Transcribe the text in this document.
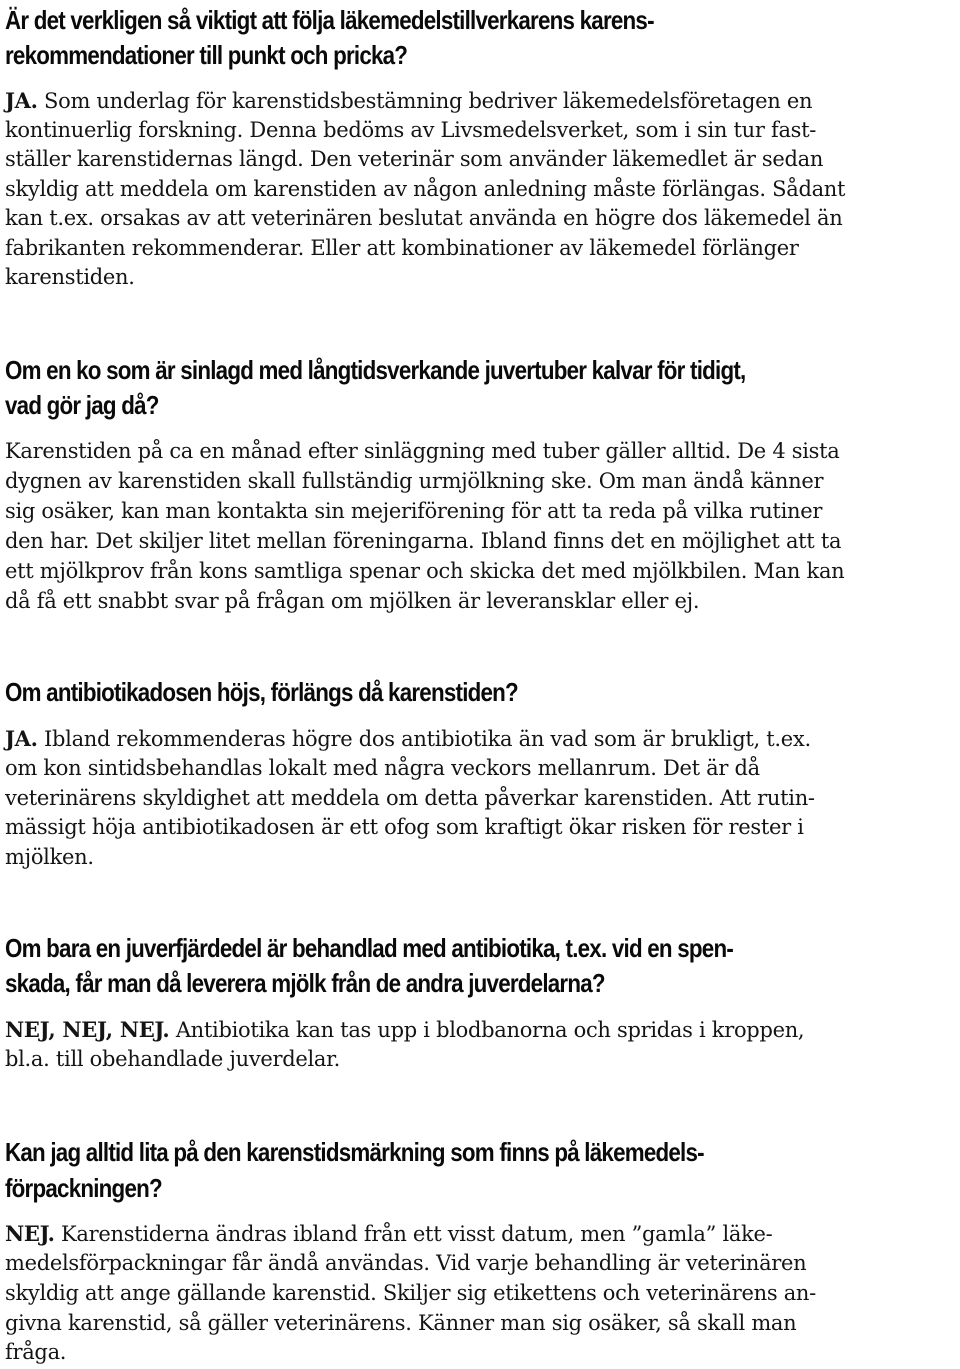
Är det verkligen så viktigt att följa läkemedelstillverkarens karens-
rekommendationer till punkt och pricka?
JA. Som underlag för karenstidsbestämning bedriver läkemedelsföretagen en
kontinuerlig forskning. Denna bedöms av Livsmedelsverket, som i sin tur fast-
ställer karenstidernas längd. Den veterinär som använder läkemedlet är sedan
skyldig att meddela om karenstiden av någon anledning måste förlängas. Sådant
kan t.ex. orsakas av att veterinären beslutat använda en högre dos läkemedel än
fabrikanten rekommenderar. Eller att kombinationer av läkemedel förlänger
karenstiden.
Om en ko som är sinlagd med långtidsverkande juvertuber kalvar för tidigt,
vad gör jag då?
Karenstiden på ca en månad efter sinläggning med tuber gäller alltid. De 4 sista
dygnen av karenstiden skall fullständig urmjölkning ske. Om man ändå känner
sig osäker, kan man kontakta sin mejeriförening för att ta reda på vilka rutiner
den har. Det skiljer litet mellan föreningarna. Ibland finns det en möjlighet att ta
ett mjölkprov från kons samtliga spenar och skicka det med mjölkbilen. Man kan
då få ett snabbt svar på frågan om mjölken är leveransklar eller ej.
Om antibiotikadosen höjs, förlängs då karenstiden?
JA. Ibland rekommenderas högre dos antibiotika än vad som är brukligt, t.ex.
om kon sintidsbehandlas lokalt med några veckors mellanrum. Det är då
veterinärens skyldighet att meddela om detta påverkar karenstiden. Att rutin-
mässigt höja antibiotikadosen är ett ofog som kraftigt ökar risken för rester i
mjölken.
Om bara en juverfjärdedel är behandlad med antibiotika, t.ex. vid en spen-
skada, får man då leverera mjölk från de andra juverdelarna?
NEJ, NEJ, NEJ. Antibiotika kan tas upp i blodbanorna och spridas i kroppen,
bl.a. till obehandlade juverdelar.
Kan jag alltid lita på den karenstidsmärkning som finns på läkemedels-
förpackningen?
NEJ. Karenstiderna ändras ibland från ett visst datum, men ”gamla” läke-
medelsförpackningar får ändå användas. Vid varje behandling är veterinären
skyldig att ange gällande karenstid. Skiljer sig etikettens och veterinärens an-
givna karenstid, så gäller veterinärens. Känner man sig osäker, så skall man
fråga.
